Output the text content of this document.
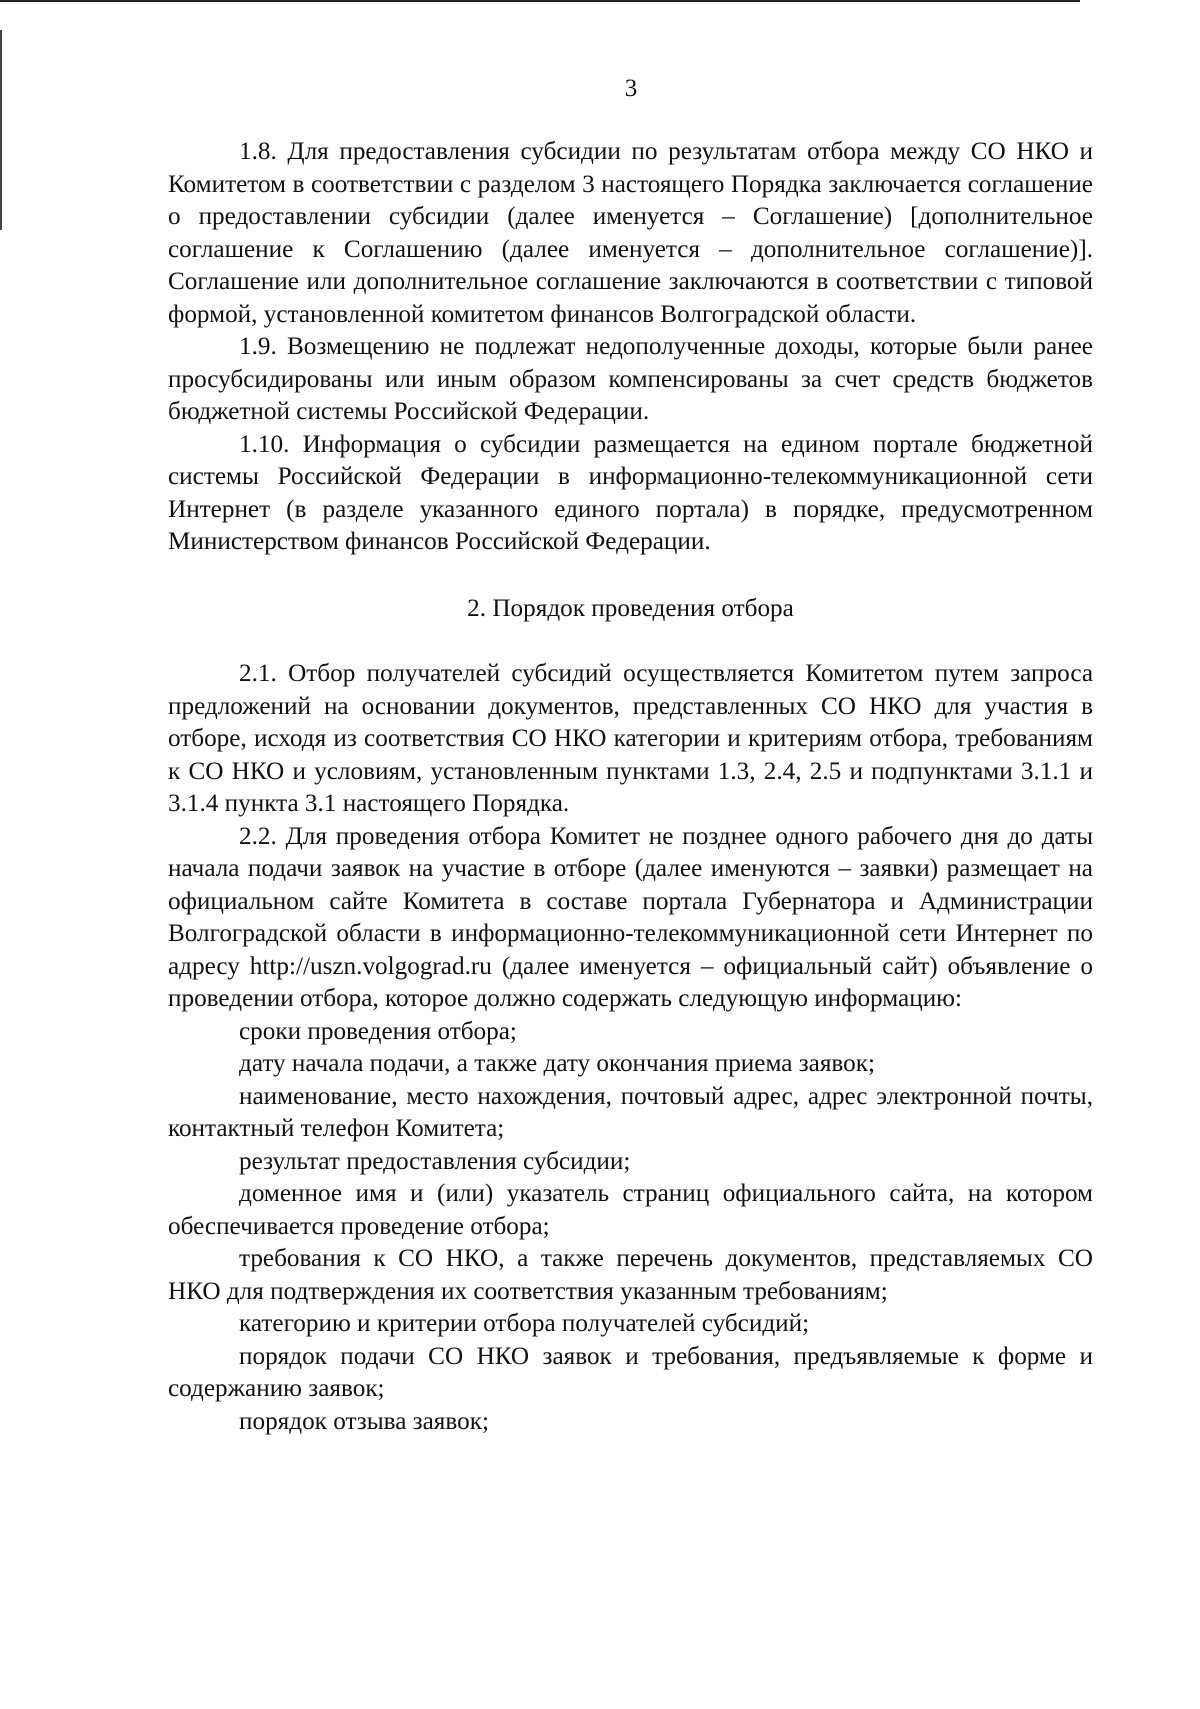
3

1.8. Для предоставления субсидии по результатам отбора между СО НКО и Комитетом в соответствии с разделом 3 настоящего Порядка заключается соглашение о предоставлении субсидии (далее именуется – Соглашение) [дополнительное соглашение к Соглашению (далее именуется – дополнительное соглашение)]. Соглашение или дополнительное соглашение заключаются в соответствии с типовой формой, установленной комитетом финансов Волгоградской области.

1.9. Возмещению не подлежат недополученные доходы, которые были ранее просубсидированы или иным образом компенсированы за счет средств бюджетов бюджетной системы Российской Федерации.

1.10. Информация о субсидии размещается на едином портале бюджетной системы Российской Федерации в информационно-телекоммуникационной сети Интернет (в разделе указанного единого портала) в порядке, предусмотренном Министерством финансов Российской Федерации.

2. Порядок проведения отбора

2.1. Отбор получателей субсидий осуществляется Комитетом путем запроса предложений на основании документов, представленных СО НКО для участия в отборе, исходя из соответствия СО НКО категории и критериям отбора, требованиям к СО НКО и условиям, установленным пунктами 1.3, 2.4, 2.5 и подпунктами 3.1.1 и 3.1.4 пункта 3.1 настоящего Порядка.

2.2. Для проведения отбора Комитет не позднее одного рабочего дня до даты начала подачи заявок на участие в отборе (далее именуются – заявки) размещает на официальном сайте Комитета в составе портала Губернатора и Администрации Волгоградской области в информационно-телекоммуникационной сети Интернет по адресу http://uszn.volgograd.ru (далее именуется – официальный сайт) объявление о проведении отбора, которое должно содержать следующую информацию:

сроки проведения отбора;

дату начала подачи, а также дату окончания приема заявок;

наименование, место нахождения, почтовый адрес, адрес электронной почты, контактный телефон Комитета;

результат предоставления субсидии;

доменное имя и (или) указатель страниц официального сайта, на котором обеспечивается проведение отбора;

требования к СО НКО, а также перечень документов, представляемых СО НКО для подтверждения их соответствия указанным требованиям;

категорию и критерии отбора получателей субсидий;

порядок подачи СО НКО заявок и требования, предъявляемые к форме и содержанию заявок;

порядок отзыва заявок;
